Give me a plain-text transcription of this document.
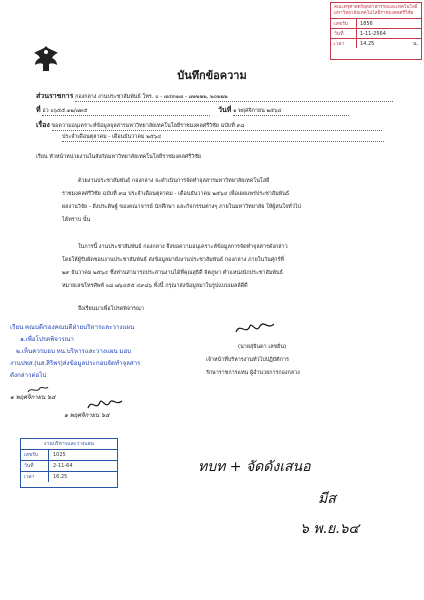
คณะครุศาสตร์อุตสาหกรรมและเทคโนโลยี มหาวิทยาลัยเทคโนโลยีราชมงคลศรีวิชัย
เลขรับ	1856
วันที่	1-11-2564
เวลา	14.25	น.
บันทึกข้อความ
ส่วนราชการ กองกลาง งานประชาสัมพันธ์ โทร. ๐ - ๗๔๓๑๗ - ๗๑๒๒๒, ๒๐๒๒๒
ที่ อว ๐๖๕๕.๑๒/๗๓๕	วันที่ ๑ พฤศจิกายน ๒๕๖๔
เรื่อง ขอความอนุเคราะห์ข้อมูลจุลสารมหาวิทยาลัยเทคโนโลยีราชมงคลศรีวิชัย ฉบับที่ ๙๘
ประจำเดือนตุลาคม - เดือนธันวาคม ๒๕๖๔
เรียน หัวหน้าหน่วยงานในสังกัดมหาวิทยาลัยเทคโนโลยีราชมงคลศรีวิชัย
ด้วยงานประชาสัมพันธ์ กองกลาง จะดำเนินการจัดทำจุลสารมหาวิทยาลัยเทคโนโลยี
ราชมงคลศรีวิชัย ฉบับที่ ๙๘ ประจำเดือนตุลาคม - เดือนธันวาคม ๒๕๖๔ เพื่อเผยแพร่ประชาสัมพันธ์
ผลงานวิจัย - สิ่งประดิษฐ์ ของคณาจารย์ นักศึกษา และกิจกรรมต่างๆ ภายในมหาวิทยาลัย ให้ผู้สนใจทั่วไป
ได้ทราบ นั้น
ในการนี้ งานประชาสัมพันธ์ กองกลาง จึงขอความอนุเคราะห์ข้อมูลการจัดทำจุลสารดังกล่าว
โดยให้ผู้รับผิดชอบงานประชาสัมพันธ์ ส่งข้อมูลมายังงานประชาสัมพันธ์ กองกลาง ภายในวันศุกร์ที่
๒๙ ธันวาคม ๒๕๖๔ ซึ่งท่านสามารถประสานงานได้ที่คุณสุธิดี จิตภูษา ตำแหน่งนักประชาสัมพันธ์
หมายเลขโทรศัพท์ ๐๘ ๗๖๔๕๕ ๔๙๘๖ ทั้งนี้ กรุณาส่งข้อมูลมาในรูปแบบเมลล์ดีดี
จึงเรียนมาเพื่อโปรดพิจารณา
เรียน คณบดี/รองคณบดีฝ่ายบริหารและวางแผน
๑.เพื่อโปรดพิจารณา
๒.เห็นควรมอบ หน.บริหารและวางแผน มอบ
งานปชส.(นส.สิริพร)ส่งข้อมูลประกอบจัดทำจุลสาร
ดังกล่าวต่อไป
๑ พฤศจิกายน ๖๔
๑ พฤศจิกายน ๖๔
(นายสุจินดา เลขยิ่น)
เจ้าหน้าที่บริหารงานทั่วไปปฏิบัติการ
รักษาราชการแทน ผู้อำนวยการกองกลาง
งานบริหารและวางแผน
เลขรับ	1025
วันที่	2-11-64
เวลา	16.25
ทบท + จัดดังเสนอ
มีส
๖ พ.ย.๖๔
